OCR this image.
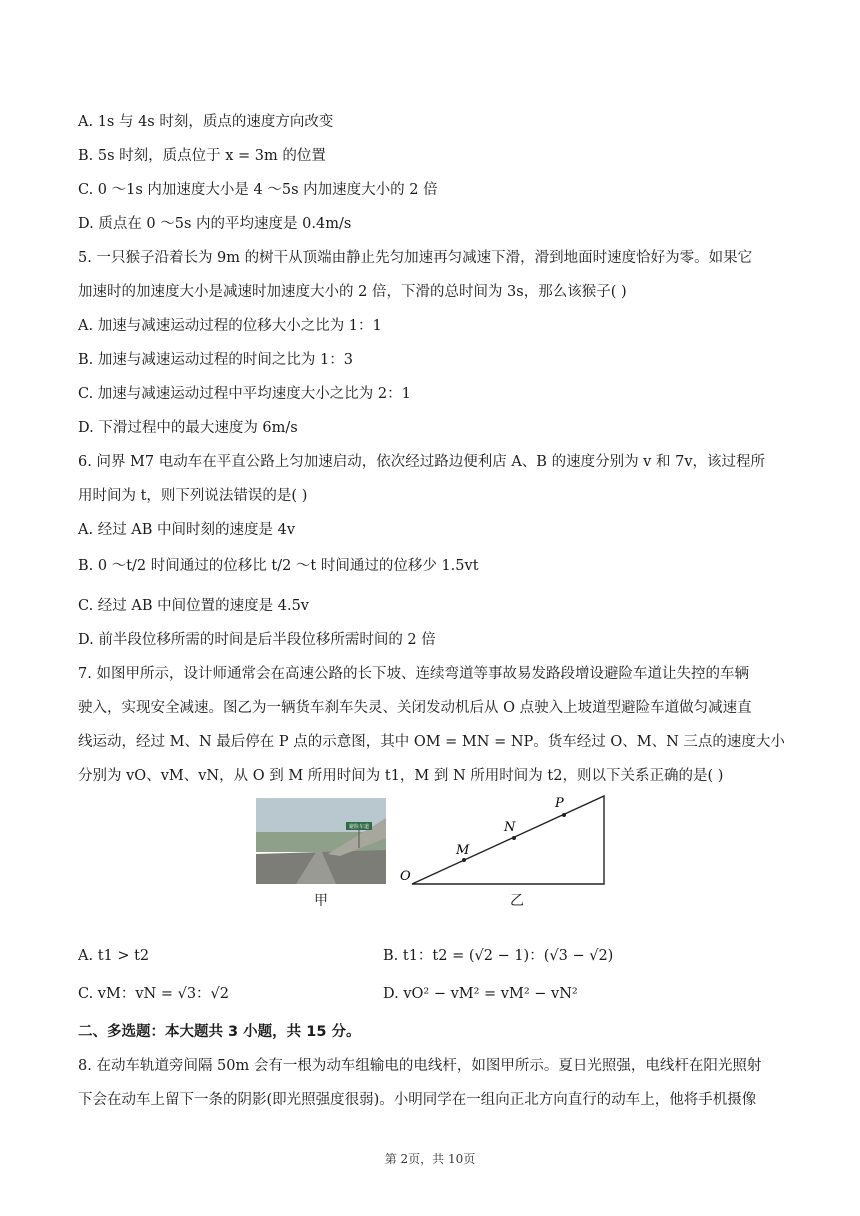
A. 1s 与 4s 时刻，质点的速度方向改变
B. 5s 时刻，质点位于 x = 3m 的位置
C. 0 ～1s 内加速度大小是 4 ～5s 内加速度大小的 2 倍
D. 质点在 0 ～5s 内的平均速度是 0.4m/s
5. 一只猴子沿着长为 9m 的树干从顶端由静止先匀加速再匀减速下滑，滑到地面时速度恰好为零。如果它
加速时的加速度大小是减速时加速度大小的 2 倍，下滑的总时间为 3s，那么该猴子( )
A. 加速与减速运动过程的位移大小之比为 1：1
B. 加速与减速运动过程的时间之比为 1：3
C. 加速与减速运动过程中平均速度大小之比为 2：1
D. 下滑过程中的最大速度为 6m/s
6. 问界 M7 电动车在平直公路上匀加速启动，依次经过路边便利店 A、B 的速度分别为 v 和 7v，该过程所
用时间为 t，则下列说法错误的是( )
A. 经过 AB 中间时刻的速度是 4v
B. 0 ～t/2 时间通过的位移比 t/2 ～t 时间通过的位移少 1.5vt
C. 经过 AB 中间位置的速度是 4.5v
D. 前半段位移所需的时间是后半段位移所需时间的 2 倍
7. 如图甲所示，设计师通常会在高速公路的长下坡、连续弯道等事故易发路段增设避险车道让失控的车辆
驶入，实现安全减速。图乙为一辆货车刹车失灵、关闭发动机后从 O 点驶入上坡道型避险车道做匀减速直
线运动，经过 M、N 最后停在 P 点的示意图，其中 OM = MN = NP。货车经过 O、M、N 三点的速度大小
分别为 vO、vM、vN，从 O 到 M 所用时间为 t1，M 到 N 所用时间为 t2，则以下关系正确的是( )
避险车道
甲
O
M
N
P
乙
A. t1 > t2	B. t1：t2 = (√2 − 1)：(√3 − √2)
C. vM：vN = √3：√2	D. vO² − vM² = vM² − vN²
二、多选题：本大题共 3 小题，共 15 分。
8. 在动车轨道旁间隔 50m 会有一根为动车组输电的电线杆，如图甲所示。夏日光照强，电线杆在阳光照射
下会在动车上留下一条的阴影(即光照强度很弱)。小明同学在一组向正北方向直行的动车上，他将手机摄像
第 2页，共 10页
